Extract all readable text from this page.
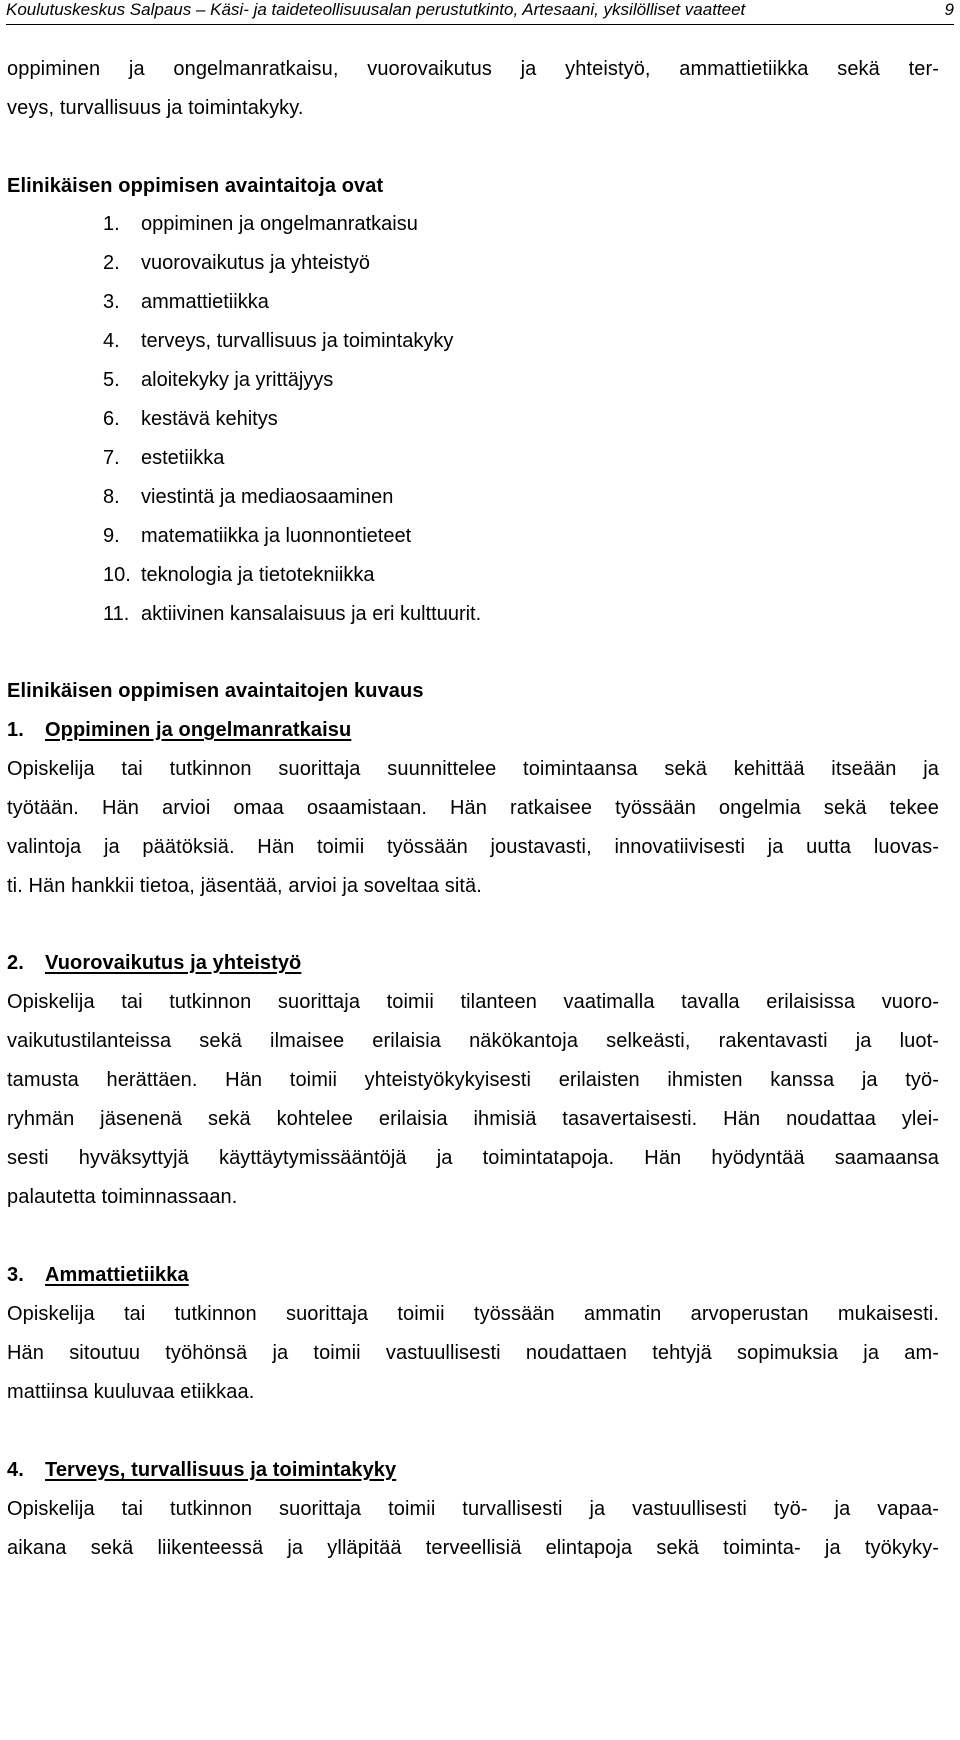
Koulutuskeskus Salpaus – Käsi- ja taideteollisuusalan perustutkinto, Artesaani, yksilölliset vaatteet	9
oppiminen ja ongelmanratkaisu, vuorovaikutus ja yhteistyö, ammattietiikka sekä ter-
veys, turvallisuus ja toimintakyky.
Elinikäisen oppimisen avaintaitoja ovat
1. oppiminen ja ongelmanratkaisu
2. vuorovaikutus ja yhteistyö
3. ammattietiikka
4. terveys, turvallisuus ja toimintakyky
5. aloitekyky ja yrittäjyys
6. kestävä kehitys
7. estetiikka
8. viestintä ja mediaosaaminen
9. matematiikka ja luonnontieteet
10. teknologia ja tietotekniikka
11. aktiivinen kansalaisuus ja eri kulttuurit.
Elinikäisen oppimisen avaintaitojen kuvaus
1. Oppiminen ja ongelmanratkaisu
Opiskelija tai tutkinnon suorittaja suunnittelee toimintaansa sekä kehittää itseään ja
työtään. Hän arvioi omaa osaamistaan. Hän ratkaisee työssään ongelmia sekä tekee
valintoja ja päätöksiä. Hän toimii työssään joustavasti, innovatiivisesti ja uutta luovas-
ti. Hän hankkii tietoa, jäsentää, arvioi ja soveltaa sitä.
2. Vuorovaikutus ja yhteistyö
Opiskelija tai tutkinnon suorittaja toimii tilanteen vaatimalla tavalla erilaisissa vuoro-
vaikutustilanteissa sekä ilmaisee erilaisia näkökantoja selkeästi, rakentavasti ja luot-
tamusta herättäen. Hän toimii yhteistyökykyisesti erilaisten ihmisten kanssa ja työ-
ryhmän jäsenenä sekä kohtelee erilaisia ihmisiä tasavertaisesti. Hän noudattaa ylei-
sesti hyväksyttyjä käyttäytymissääntöjä ja toimintatapoja. Hän hyödyntää saamaansa
palautetta toiminnassaan.
3. Ammattietiikka
Opiskelija tai tutkinnon suorittaja toimii työssään ammatin arvoperustan mukaisesti.
Hän sitoutuu työhönsä ja toimii vastuullisesti noudattaen tehtyjä sopimuksia ja am-
mattiinsa kuuluvaa etiikkaa.
4. Terveys, turvallisuus ja toimintakyky
Opiskelija tai tutkinnon suorittaja toimii turvallisesti ja vastuullisesti työ- ja vapaa-
aikana sekä liikenteessä ja ylläpitää terveellisiä elintapoja sekä toiminta- ja työkyky-
